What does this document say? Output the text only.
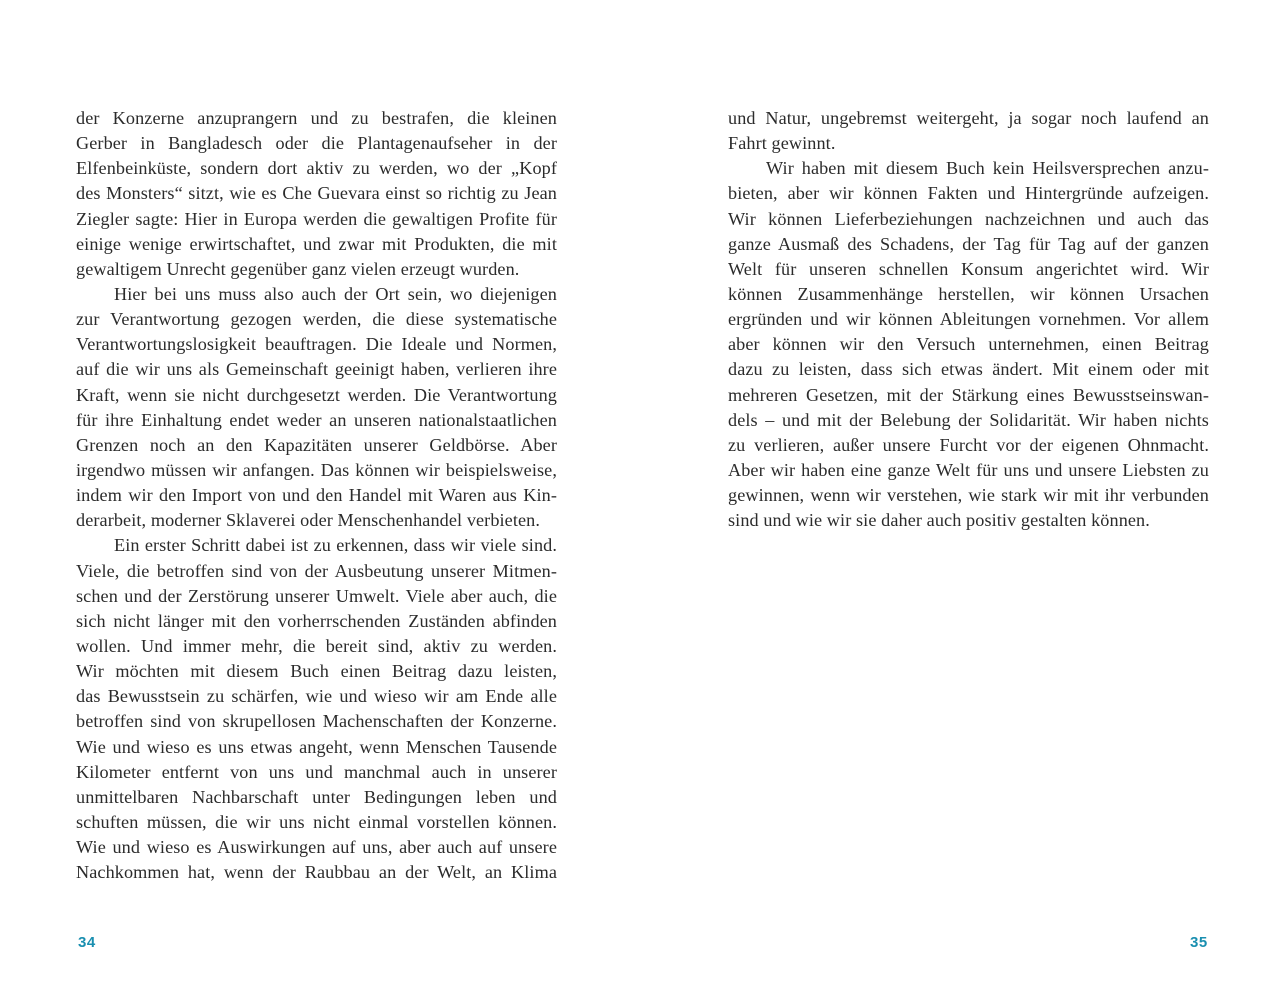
der Konzerne anzuprangern und zu bestrafen, die kleinen
Gerber in Bangladesch oder die Plantagenaufseher in der
Elfenbeinküste, sondern dort aktiv zu werden, wo der „Kopf
des Monsters“ sitzt, wie es Che Guevara einst so richtig zu Jean
Ziegler sagte: Hier in Europa werden die gewaltigen Profite für
einige wenige erwirtschaftet, und zwar mit Produkten, die mit
gewaltigem Unrecht gegenüber ganz vielen erzeugt wurden.
Hier bei uns muss also auch der Ort sein, wo diejenigen
zur Verantwortung gezogen werden, die diese systematische
Verantwortungslosigkeit beauftragen. Die Ideale und Normen,
auf die wir uns als Gemeinschaft geeinigt haben, verlieren ihre
Kraft, wenn sie nicht durchgesetzt werden. Die Verantwortung
für ihre Einhaltung endet weder an unseren nationalstaatlichen
Grenzen noch an den Kapazitäten unserer Geldbörse. Aber
irgendwo müssen wir anfangen. Das können wir beispielsweise,
indem wir den Import von und den Handel mit Waren aus Kin-
derarbeit, moderner Sklaverei oder Menschenhandel verbieten.
Ein erster Schritt dabei ist zu erkennen, dass wir viele sind.
Viele, die betroffen sind von der Ausbeutung unserer Mitmen-
schen und der Zerstörung unserer Umwelt. Viele aber auch, die
sich nicht länger mit den vorherrschenden Zuständen abfinden
wollen. Und immer mehr, die bereit sind, aktiv zu werden.
Wir möchten mit diesem Buch einen Beitrag dazu leisten,
das Bewusstsein zu schärfen, wie und wieso wir am Ende alle
betroffen sind von skrupellosen Machenschaften der Konzerne.
Wie und wieso es uns etwas angeht, wenn Menschen Tausende
Kilometer entfernt von uns und manchmal auch in unserer
unmittelbaren Nachbarschaft unter Bedingungen leben und
schuften müssen, die wir uns nicht einmal vorstellen können.
Wie und wieso es Auswirkungen auf uns, aber auch auf unsere
Nachkommen hat, wenn der Raubbau an der Welt, an Klima
und Natur, ungebremst weitergeht, ja sogar noch laufend an
Fahrt gewinnt.
Wir haben mit diesem Buch kein Heilsversprechen anzu-
bieten, aber wir können Fakten und Hintergründe aufzeigen.
Wir können Lieferbeziehungen nachzeichnen und auch das
ganze Ausmaß des Schadens, der Tag für Tag auf der ganzen
Welt für unseren schnellen Konsum angerichtet wird. Wir
können Zusammenhänge herstellen, wir können Ursachen
ergründen und wir können Ableitungen vornehmen. Vor allem
aber können wir den Versuch unternehmen, einen Beitrag
dazu zu leisten, dass sich etwas ändert. Mit einem oder mit
mehreren Gesetzen, mit der Stärkung eines Bewusstseinswan-
dels – und mit der Belebung der Solidarität. Wir haben nichts
zu verlieren, außer unsere Furcht vor der eigenen Ohnmacht.
Aber wir haben eine ganze Welt für uns und unsere Liebsten zu
gewinnen, wenn wir verstehen, wie stark wir mit ihr verbunden
sind und wie wir sie daher auch positiv gestalten können.
34	35
